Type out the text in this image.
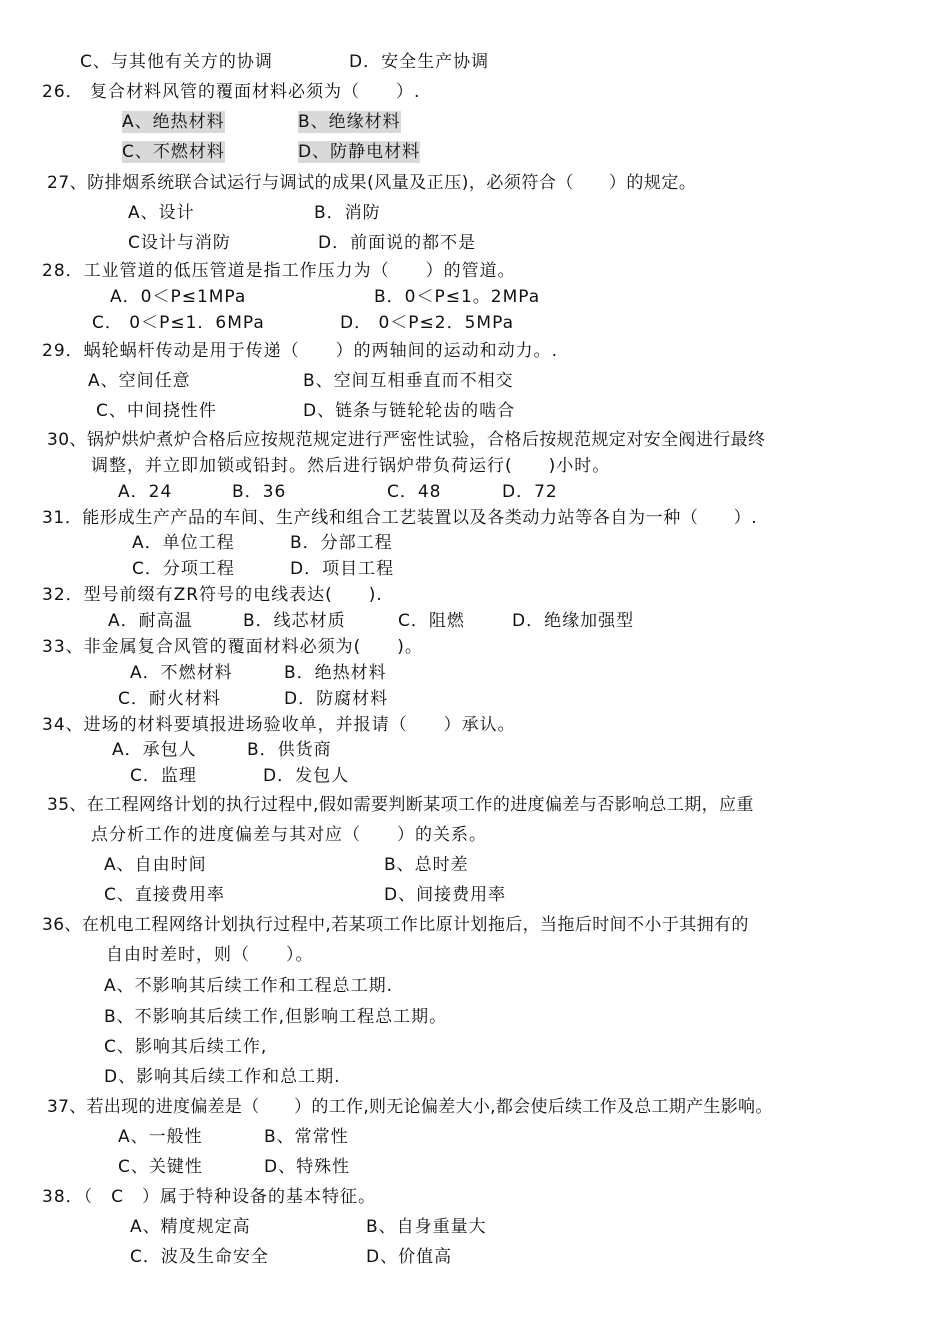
C、与其他有关方的协调	D．安全生产协调
26． 复合材料风管的覆面材料必须为（　　）.
A、绝热材料	B、绝缘材料
C、不燃材料	D、防静电材料
27、防排烟系统联合试运行与调试的成果(风量及正压)，必须符合（　　）的规定。
A、设计	B．消防
C设计与消防	D．前面说的都不是
28．工业管道的低压管道是指工作压力为（　　）的管道。
A．0＜P≤1MPa	B．0＜P≤1。2MPa
C． 0＜P≤1．6MPa	D． 0＜P≤2．5MPa
29．蜗轮蜗杆传动是用于传递（　　）的两轴间的运动和动力。.
A、空间任意	B、空间互相垂直而不相交
C、中间挠性件	D、链条与链轮轮齿的啮合
30、锅炉烘炉煮炉合格后应按规范规定进行严密性试验，合格后按规范规定对安全阀进行最终
调整，并立即加锁或铅封。然后进行锅炉带负荷运行(　　)小时。
A．24	B．36	C．48	D．72
31．能形成生产产品的车间、生产线和组合工艺装置以及各类动力站等各自为一种（　　）.
A．单位工程	B．分部工程
C．分项工程	D．项目工程
32．型号前缀有ZR符号的电线表达(　　).
A．耐高温	B．线芯材质	C．阻燃	D．绝缘加强型
33、非金属复合风管的覆面材料必须为(　　)。
A．不燃材料	B．绝热材料
C．耐火材料	D．防腐材料
34、进场的材料要填报进场验收单，并报请（　　）承认。
A．承包人	B．供货商
C．监理	D．发包人
35、在工程网络计划的执行过程中,假如需要判断某项工作的进度偏差与否影响总工期，应重
点分析工作的进度偏差与其对应（　　）的关系。
A、自由时间	B、总时差
C、直接费用率	D、间接费用率
36、在机电工程网络计划执行过程中,若某项工作比原计划拖后，当拖后时间不小于其拥有的
自由时差时，则（　　）。
A、不影响其后续工作和工程总工期.
B、不影响其后续工作,但影响工程总工期。
C、影响其后续工作,
D、影响其后续工作和总工期.
37、若出现的进度偏差是（　　）的工作,则无论偏差大小,都会使后续工作及总工期产生影响。
A、一般性	B、常常性
C、关键性	D、特殊性
38．（　C　）属于特种设备的基本特征。
A、精度规定高	B、自身重量大
C．波及生命安全	D、价值高
